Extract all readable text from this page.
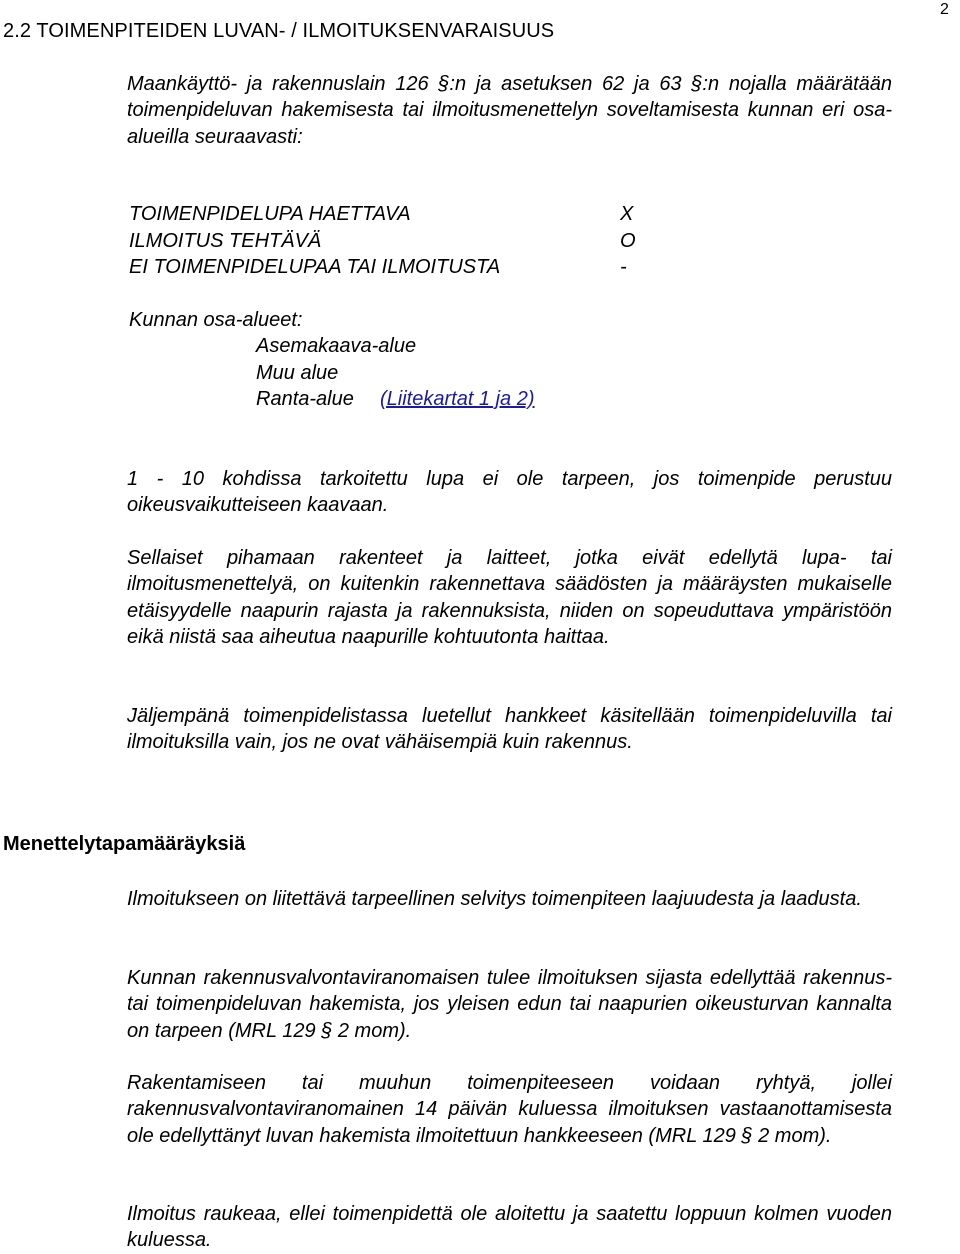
2
2.2 TOIMENPITEIDEN LUVAN- / ILMOITUKSENVARAISUUS

Maankäyttö- ja rakennuslain 126 §:n ja asetuksen 62 ja 63 §:n nojalla määrätään toimenpideluvan hakemisesta tai ilmoitusmenettelyn soveltamisesta kunnan eri osa-alueilla seuraavasti:

TOIMENPIDELUPA HAETTAVA	X
ILMOITUS TEHTÄVÄ	O
EI TOIMENPIDELUPAA TAI ILMOITUSTA	-
Kunnan osa-alueet:
Asemakaava-alue
Muu alue
Ranta-alue (Liitekartat 1 ja 2)

1 - 10 kohdissa tarkoitettu lupa ei ole tarpeen, jos toimenpide perustuu oikeusvaikutteiseen kaavaan.

Sellaiset pihamaan rakenteet ja laitteet, jotka eivät edellytä lupa- tai ilmoitusmenettelyä, on kuitenkin rakennettava säädösten ja määräysten mukaiselle etäisyydelle naapurin rajasta ja rakennuksista, niiden on sopeuduttava ympäristöön eikä niistä saa aiheutua naapurille kohtuutonta haittaa.

Jäljempänä toimenpidelistassa luetellut hankkeet käsitellään toimenpideluvilla tai ilmoituksilla vain, jos ne ovat vähäisempiä kuin rakennus.

Menettelytapamääräyksiä

Ilmoitukseen on liitettävä tarpeellinen selvitys toimenpiteen laajuudesta ja laadusta.

Kunnan rakennusvalvontaviranomaisen tulee ilmoituksen sijasta edellyttää rakennus- tai toimenpideluvan hakemista, jos yleisen edun tai naapurien oikeusturvan kannalta on tarpeen (MRL 129 § 2 mom).

Rakentamiseen tai muuhun toimenpiteeseen voidaan ryhtyä, jollei rakennusvalvontaviranomainen 14 päivän kuluessa ilmoituksen vastaanottamisesta ole edellyttänyt luvan hakemista ilmoitettuun hankkeeseen (MRL 129 § 2 mom).

Ilmoitus raukeaa, ellei toimenpidettä ole aloitettu ja saatettu loppuun kolmen vuoden kuluessa.
